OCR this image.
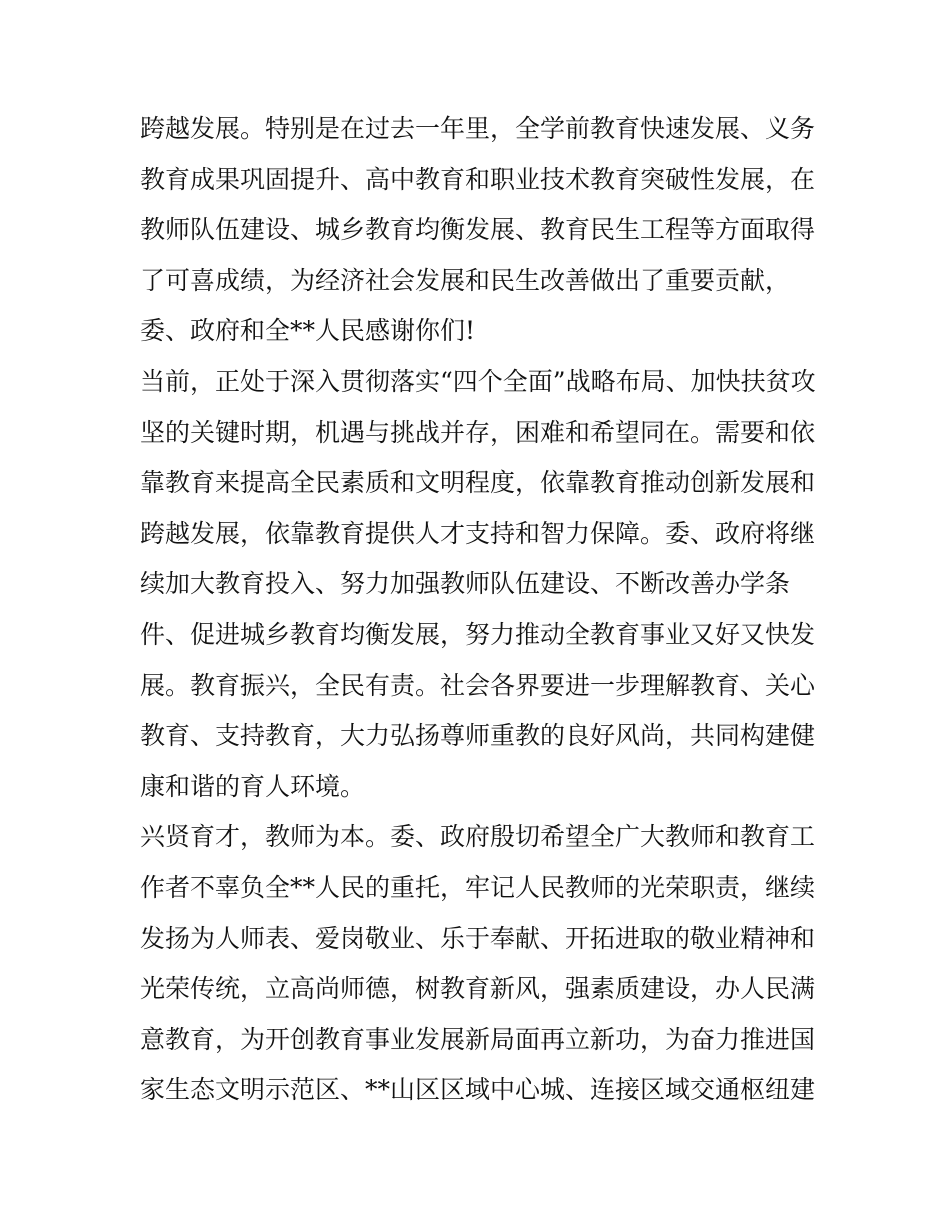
跨越发展。特别是在过去一年里，全学前教育快速发展、义务
教育成果巩固提升、高中教育和职业技术教育突破性发展，在
教师队伍建设、城乡教育均衡发展、教育民生工程等方面取得
了可喜成绩，为经济社会发展和民生改善做出了重要贡献，
委、政府和全**人民感谢你们!
当前，正处于深入贯彻落实“四个全面”战略布局、加快扶贫攻
坚的关键时期，机遇与挑战并存，困难和希望同在。需要和依
靠教育来提高全民素质和文明程度，依靠教育推动创新发展和
跨越发展，依靠教育提供人才支持和智力保障。委、政府将继
续加大教育投入、努力加强教师队伍建设、不断改善办学条
件、促进城乡教育均衡发展，努力推动全教育事业又好又快发
展。教育振兴，全民有责。社会各界要进一步理解教育、关心
教育、支持教育，大力弘扬尊师重教的良好风尚，共同构建健
康和谐的育人环境。
兴贤育才，教师为本。委、政府殷切希望全广大教师和教育工
作者不辜负全**人民的重托，牢记人民教师的光荣职责，继续
发扬为人师表、爱岗敬业、乐于奉献、开拓进取的敬业精神和
光荣传统，立高尚师德，树教育新风，强素质建设，办人民满
意教育，为开创教育事业发展新局面再立新功，为奋力推进国
家生态文明示范区、**山区区域中心城、连接区域交通枢纽建
